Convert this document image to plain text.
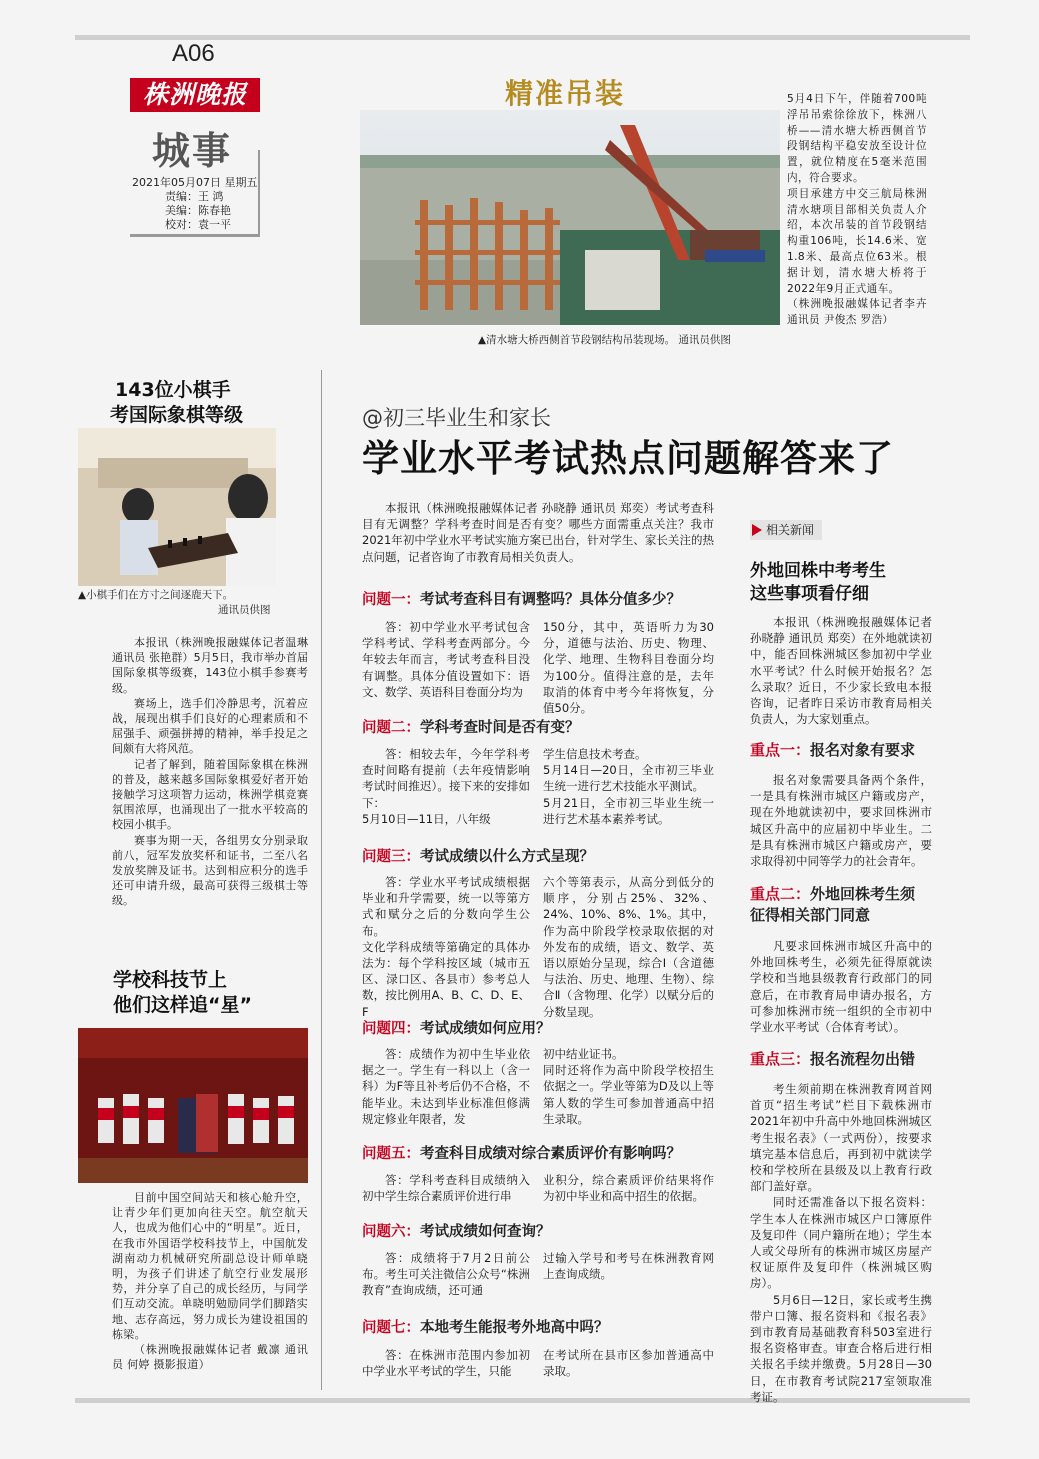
A06
株洲晚报
城事
2021年05月07日 星期五
责编：王 鸿
美编：陈春艳
校对：袁一平
精准吊装	5月4日下午，伴随着700吨浮吊吊索徐徐放下，株洲八桥——清水塘大桥西侧首节段钢结构平稳安放至设计位置，就位精度在5毫米范围内，符合要求。
项目承建方中交三航局株洲清水塘项目部相关负责人介绍，本次吊装的首节段钢结构重106吨，长14.6米、宽1.8米、最高点位63米。根据计划，清水塘大桥将于2022年9月正式通车。
（株洲晚报融媒体记者李卉 通讯员 尹俊杰 罗浩）
▲清水塘大桥西侧首节段钢结构吊装现场。 通讯员供图
143位小棋手
考国际象棋等级
▲小棋手们在方寸之间逐鹿天下。
通讯员供图

本报讯（株洲晚报融媒体记者温琳 通讯员 张艳群）5月5日，我市举办首届国际象棋等级赛，143位小棋手参赛考级。

赛场上，选手们冷静思考，沉着应战，展现出棋手们良好的心理素质和不屈强手、顽强拼搏的精神，举手投足之间颇有大将风范。

记者了解到，随着国际象棋在株洲的普及，越来越多国际象棋爱好者开始接触学习这项智力运动，株洲学棋竞赛氛围浓厚，也涌现出了一批水平较高的校园小棋手。

赛事为期一天，各组男女分别录取前八，冠军发放奖杯和证书，二至八名发放奖牌及证书。达到相应积分的选手还可申请升级，最高可获得三级棋士等级。

学校科技节上
他们这样追“星”

目前中国空间站天和核心舱升空，让青少年们更加向往天空。航空航天人，也成为他们心中的“明星”。近日，在我市外国语学校科技节上，中国航发湖南动力机械研究所副总设计师单晓明，为孩子们讲述了航空行业发展形势，并分享了自己的成长经历，与同学们互动交流。单晓明勉励同学们脚踏实地、志存高远，努力成长为建设祖国的栋梁。

（株洲晚报融媒体记者 戴凛 通讯员 何婷 摄影报道）

@初三毕业生和家长
学业水平考试热点问题解答来了
本报讯（株洲晚报融媒体记者 孙晓静 通讯员 郑奕）考试考查科目有无调整？学科考查时间是否有变？哪些方面需重点关注？我市2021年初中学业水平考试实施方案已出台，针对学生、家长关注的热点问题，记者咨询了市教育局相关负责人。
问题一：考试考查科目有调整吗？具体分值多少？
答：初中学业水平考试包含学科考试、学科考查两部分。今年较去年而言，考试考查科目没有调整。具体分值设置如下：语文、数学、英语科目卷面分均为
150分，其中，英语听力为30分，道德与法治、历史、物理、化学、地理、生物科目卷面分均为100分。值得注意的是，去年取消的体育中考今年将恢复，分值50分。
问题二：学科考查时间是否有变？
答：相较去年，今年学科考查时间略有提前（去年疫情影响考试时间推迟）。接下来的安排如下：
5月10日—11日，八年级
学生信息技术考查。
5月14日—20日，全市初三毕业生统一进行艺术技能水平测试。
5月21日，全市初三毕业生统一进行艺术基本素养考试。
问题三：考试成绩以什么方式呈现？
答：学业水平考试成绩根据毕业和升学需要，统一以等第方式和赋分之后的分数向学生公布。
文化学科成绩等第确定的具体办法为：每个学科按区域（城市五区、渌口区、各县市）参考总人数，按比例用A、B、C、D、E、F
六个等第表示，从高分到低分的顺序，分别占25%、32%、24%、10%、8%、1%。其中，作为高中阶段学校录取依据的对外发布的成绩，语文、数学、英语以原始分呈现，综合Ⅰ（含道德与法治、历史、地理、生物）、综合Ⅱ（含物理、化学）以赋分后的分数呈现。
问题四：考试成绩如何应用？
答：成绩作为初中生毕业依据之一。学生有一科以上（含一科）为F等且补考后仍不合格，不能毕业。未达到毕业标准但修满规定修业年限者，发
初中结业证书。
同时还将作为高中阶段学校招生依据之一。学业等第为D及以上等第人数的学生可参加普通高中招生录取。
问题五：考查科目成绩对综合素质评价有影响吗？
答：学科考查科目成绩纳入初中学生综合素质评价进行串
业积分，综合素质评价结果将作为初中毕业和高中招生的依据。
问题六：考试成绩如何查询？
答：成绩将于7月2日前公布。考生可关注微信公众号“株洲教育”查询成绩，还可通
过输入学号和考号在株洲教育网上查询成绩。
问题七：本地考生能报考外地高中吗？
答：在株洲市范围内参加初中学业水平考试的学生，只能
在考试所在县市区参加普通高中录取。
相关新闻
外地回株中考考生
这些事项看仔细
本报讯（株洲晚报融媒体记者孙晓静 通讯员 郑奕）在外地就读初中，能否回株洲城区参加初中学业水平考试？什么时候开始报名？怎么录取？近日，不少家长致电本报咨询，记者昨日采访市教育局相关负责人，为大家划重点。
重点一：报名对象有要求
报名对象需要具备两个条件，一是具有株洲市城区户籍或房产，现在外地就读初中，要求回株洲市城区升高中的应届初中毕业生。二是具有株洲市城区户籍或房产，要求取得初中同等学力的社会青年。
重点二：外地回株考生须
征得相关部门同意
凡要求回株洲市城区升高中的外地回株考生，必须先征得原就读学校和当地县级教育行政部门的同意后，在市教育局申请办报名，方可参加株洲市统一组织的全市初中学业水平考试（合体育考试）。
重点三：报名流程勿出错

考生须前期在株洲教育网首网首页“招生考试”栏目下载株洲市2021年初中升高中外地回株洲城区考生报名表》（一式两份），按要求填完基本信息后，再到初中就读学校和学校所在县级及以上教育行政部门盖好章。

同时还需准备以下报名资料：学生本人在株洲市城区户口簿原件及复印件（同户籍所在地）；学生本人或父母所有的株洲市城区房屋产权证原件及复印件（株洲城区购房）。

5月6日—12日，家长或考生携带户口簿、报名资料和《报名表》到市教育局基础教育科503室进行报名资格审查。审查合格后进行相关报名手续并缴费。5月28日—30日，在市教育考试院217室领取准考证。
